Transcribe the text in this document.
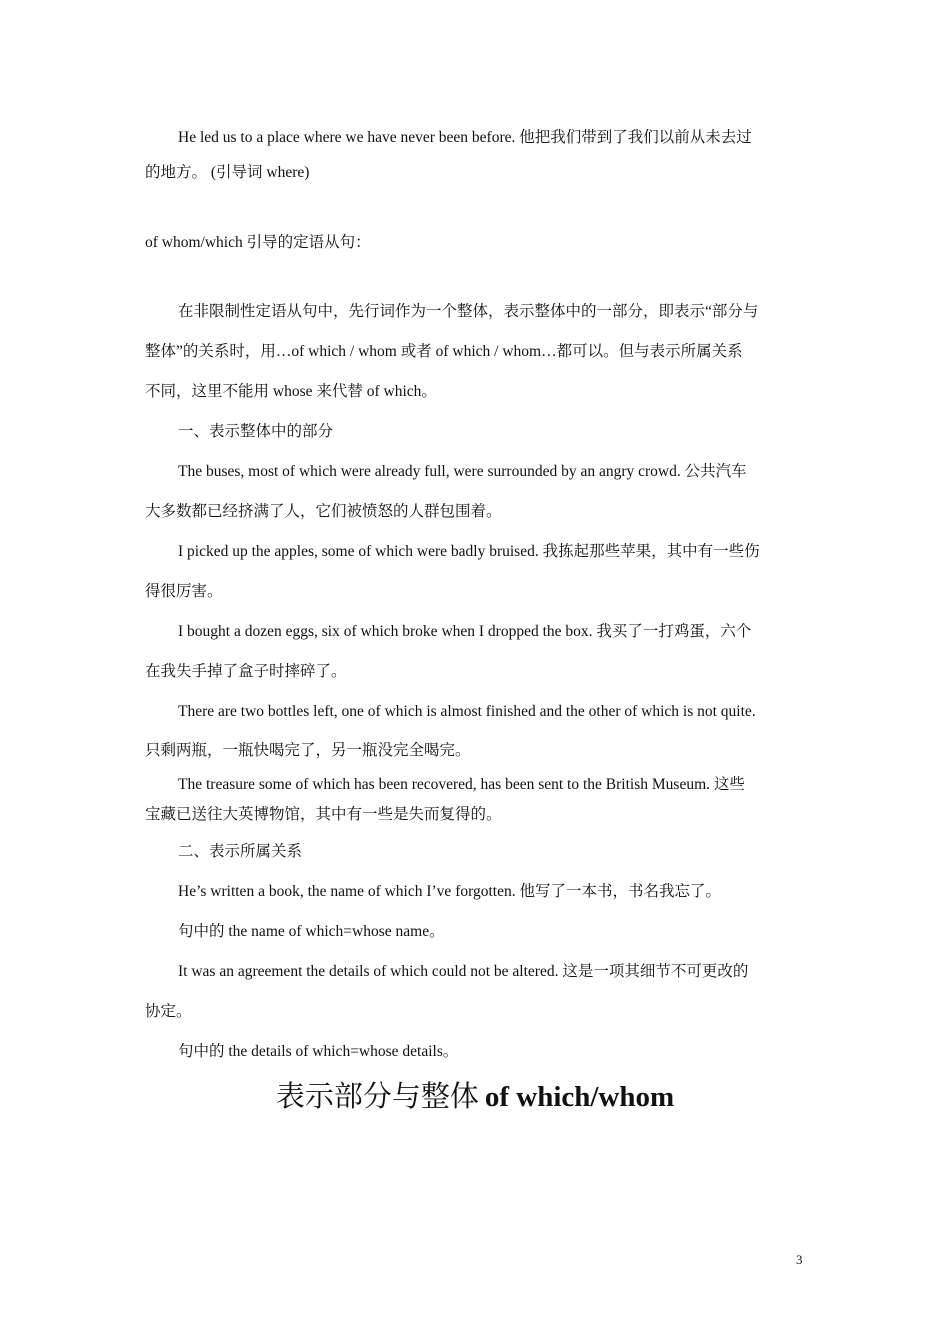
He led us to a place where we have never been before. 他把我们带到了我们以前从未去过
的地方。 (引导词 where)
of whom/which 引导的定语从句：
在非限制性定语从句中，先行词作为一个整体，表示整体中的一部分，即表示“部分与
整体”的关系时，用…of which / whom 或者 of which / whom…都可以。但与表示所属关系
不同，这里不能用 whose 来代替 of which。
一、表示整体中的部分
The buses, most of which were already full, were surrounded by an angry crowd. 公共汽车
大多数都已经挤满了人，它们被愤怒的人群包围着。
I picked up the apples, some of which were badly bruised. 我拣起那些苹果，其中有一些伤
得很厉害。
I bought a dozen eggs, six of which broke when I dropped the box. 我买了一打鸡蛋，六个
在我失手掉了盒子时摔碎了。
There are two bottles left, one of which is almost finished and the other of which is not quite.
只剩两瓶，一瓶快喝完了，另一瓶没完全喝完。
The treasure some of which has been recovered, has been sent to the British Museum. 这些
宝藏已送往大英博物馆，其中有一些是失而复得的。
二、表示所属关系
He’s written a book, the name of which I’ve forgotten. 他写了一本书，书名我忘了。
句中的 the name of which=whose name。
It was an agreement the details of which could not be altered. 这是一项其细节不可更改的
协定。
句中的 the details of which=whose details。
表示部分与整体 of which/whom
3
